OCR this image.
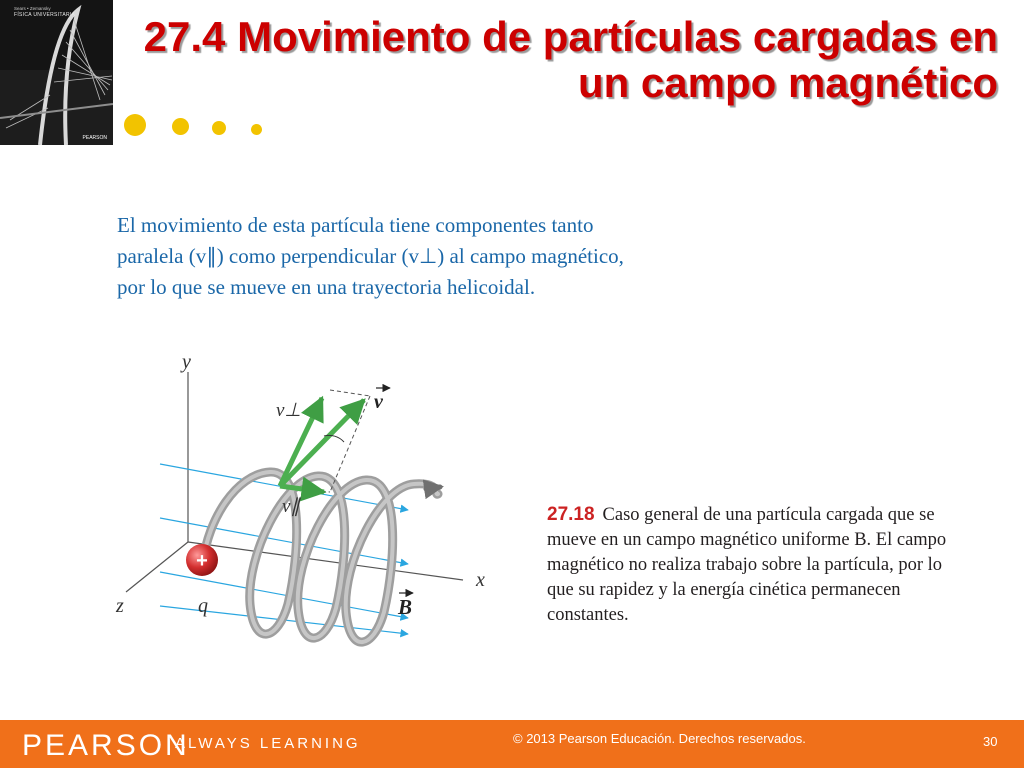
Sears • Zemansky
FÍSICA UNIVERSITARIA
PEARSON
27.4 Movimiento de partículas cargadas en un campo magnético

El movimiento de esta partícula tiene componentes tanto paralela (v∥) como perpendicular (v⊥) al campo magnético, por lo que se mueve en una trayectoria helicoidal.

+
y
z
x
v⊥
v∥
v
q	B

27.18 Caso general de una partícula cargada que se mueve en un campo magnético uniforme B. El campo magnético no realiza trabajo sobre la partícula, por lo que su rapidez y la energía cinética permanecen constantes.

PEARSON
ALWAYS LEARNING	© 2013 Pearson Educación. Derechos reservados.	30
